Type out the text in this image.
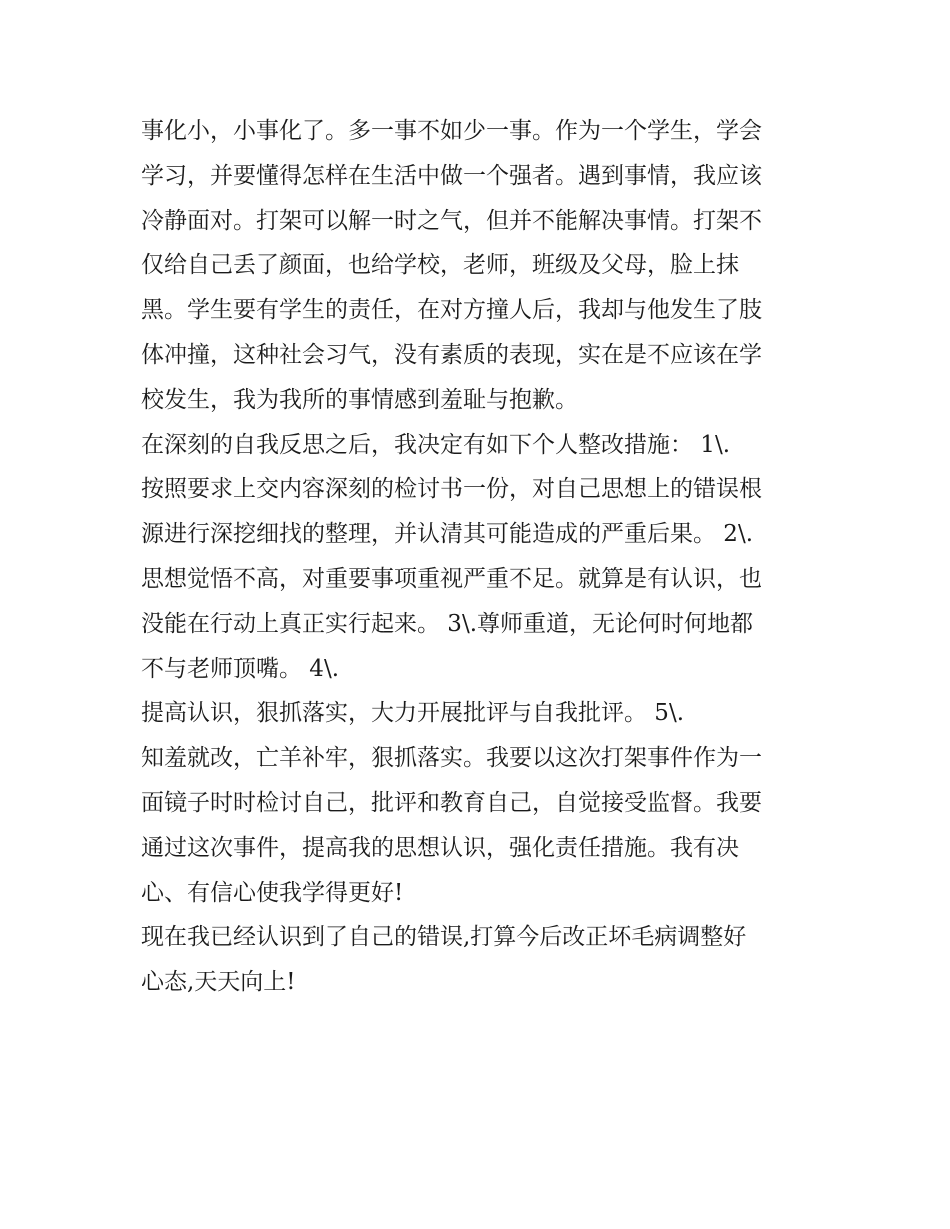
事化小，小事化了。多一事不如少一事。作为一个学生，学会
学习，并要懂得怎样在生活中做一个强者。遇到事情，我应该
冷静面对。打架可以解一时之气，但并不能解决事情。打架不
仅给自己丢了颜面，也给学校，老师，班级及父母，脸上抹
黑。学生要有学生的责任，在对方撞人后，我却与他发生了肢
体冲撞，这种社会习气，没有素质的表现，实在是不应该在学
校发生，我为我所的事情感到羞耻与抱歉。
在深刻的自我反思之后，我决定有如下个人整改措施： 1\.
按照要求上交内容深刻的检讨书一份，对自己思想上的错误根
源进行深挖细找的整理，并认清其可能造成的严重后果。 2\.
思想觉悟不高，对重要事项重视严重不足。就算是有认识，也
没能在行动上真正实行起来。 3\.尊师重道，无论何时何地都
不与老师顶嘴。 4\.
提高认识，狠抓落实，大力开展批评与自我批评。 5\.
知羞就改，亡羊补牢，狠抓落实。我要以这次打架事件作为一
面镜子时时检讨自己，批评和教育自己，自觉接受监督。我要
通过这次事件，提高我的思想认识，强化责任措施。我有决
心、有信心使我学得更好!
现在我已经认识到了自己的错误,打算今后改正坏毛病调整好
心态,天天向上!
